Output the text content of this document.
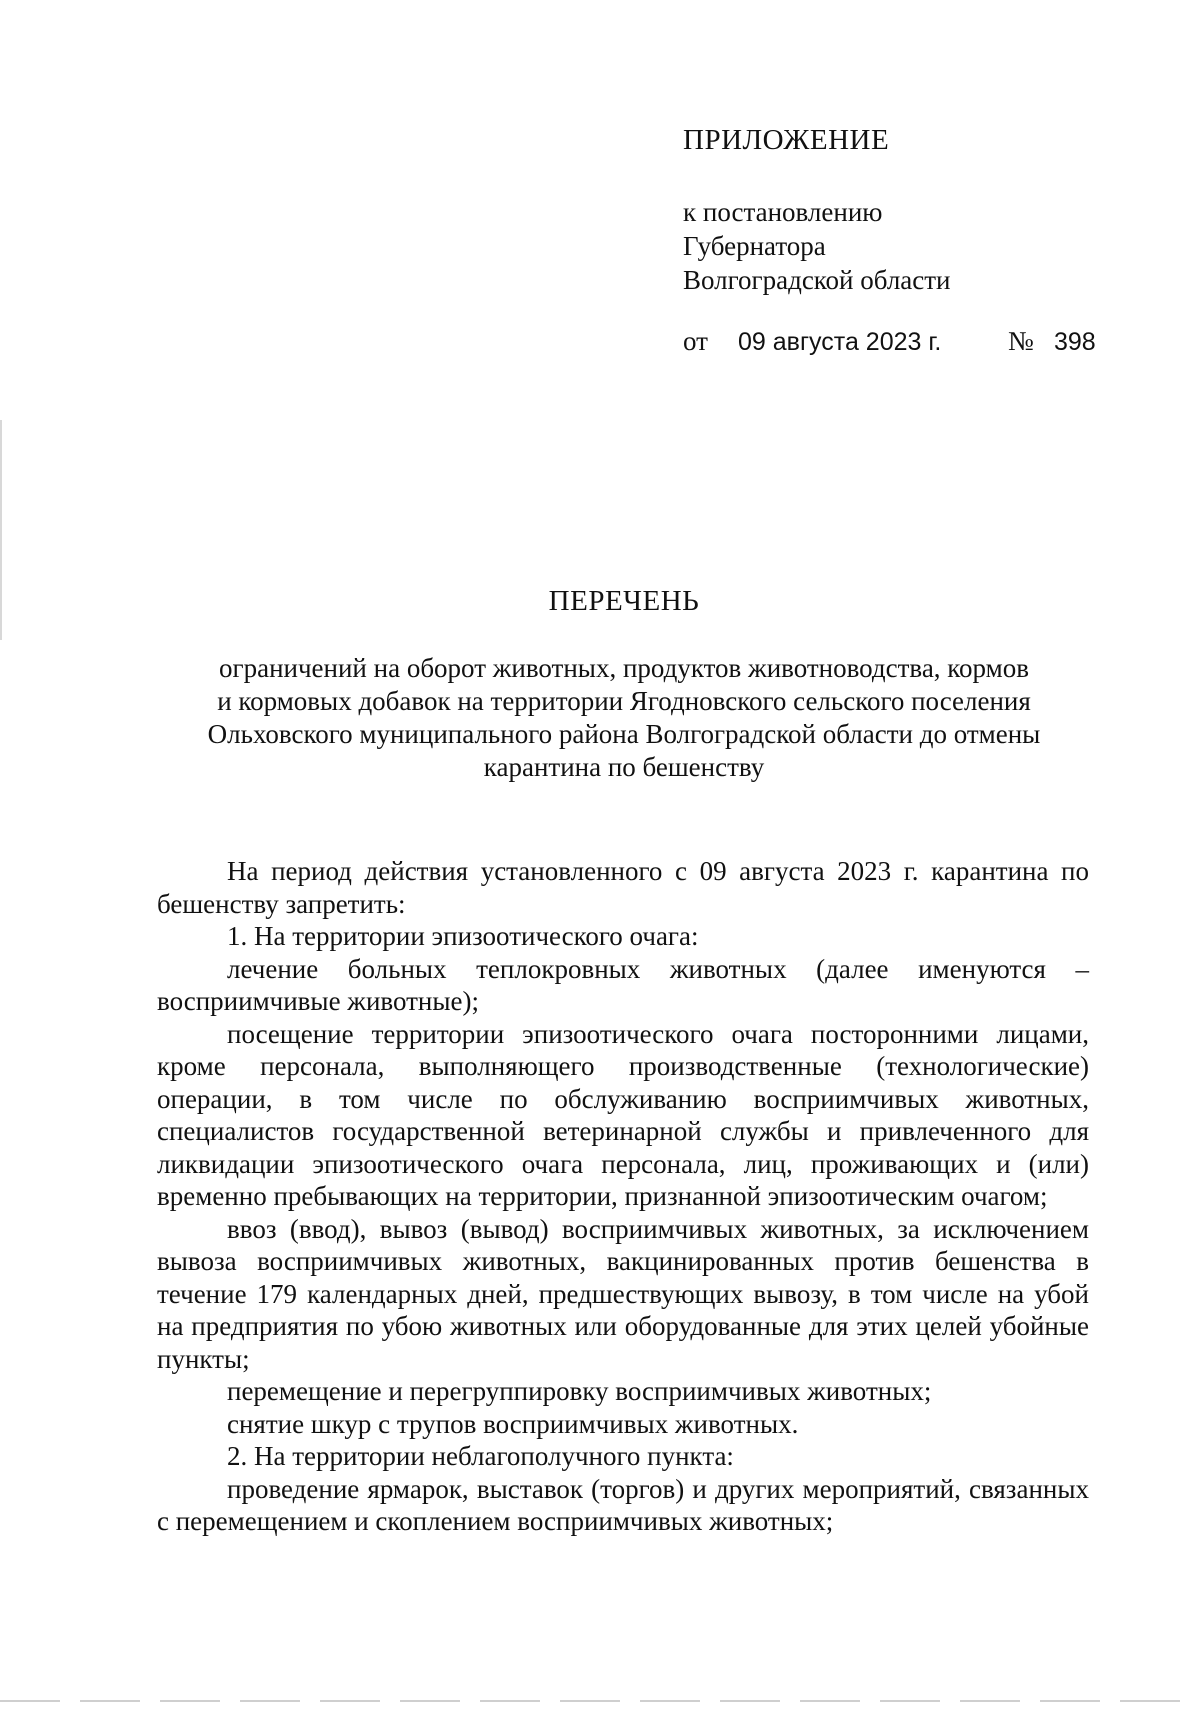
ПРИЛОЖЕНИЕ
к постановлению
Губернатора
Волгоградской области
от 09 августа 2023 г. № 398
ПЕРЕЧЕНЬ
ограничений на оборот животных, продуктов животноводства, кормов
и кормовых добавок на территории Ягодновского сельского поселения
Ольховского муниципального района Волгоградской области до отмены
карантина по бешенству

На период действия установленного с 09 августа 2023 г. карантина по бешенству запретить:

1. На территории эпизоотического очага:

лечение больных теплокровных животных (далее именуются – восприимчивые животные);

посещение территории эпизоотического очага посторонними лицами, кроме персонала, выполняющего производственные (технологические) операции, в том числе по обслуживанию восприимчивых животных, специалистов государственной ветеринарной службы и привлеченного для ликвидации эпизоотического очага персонала, лиц, проживающих и (или) временно пребывающих на территории, признанной эпизоотическим очагом;

ввоз (ввод), вывоз (вывод) восприимчивых животных, за исключением вывоза восприимчивых животных, вакцинированных против бешенства в течение 179 календарных дней, предшествующих вывозу, в том числе на убой на предприятия по убою животных или оборудованные для этих целей убойные пункты;

перемещение и перегруппировку восприимчивых животных;

снятие шкур с трупов восприимчивых животных.

2. На территории неблагополучного пункта:

проведение ярмарок, выставок (торгов) и других мероприятий, связанных с перемещением и скоплением восприимчивых животных;
